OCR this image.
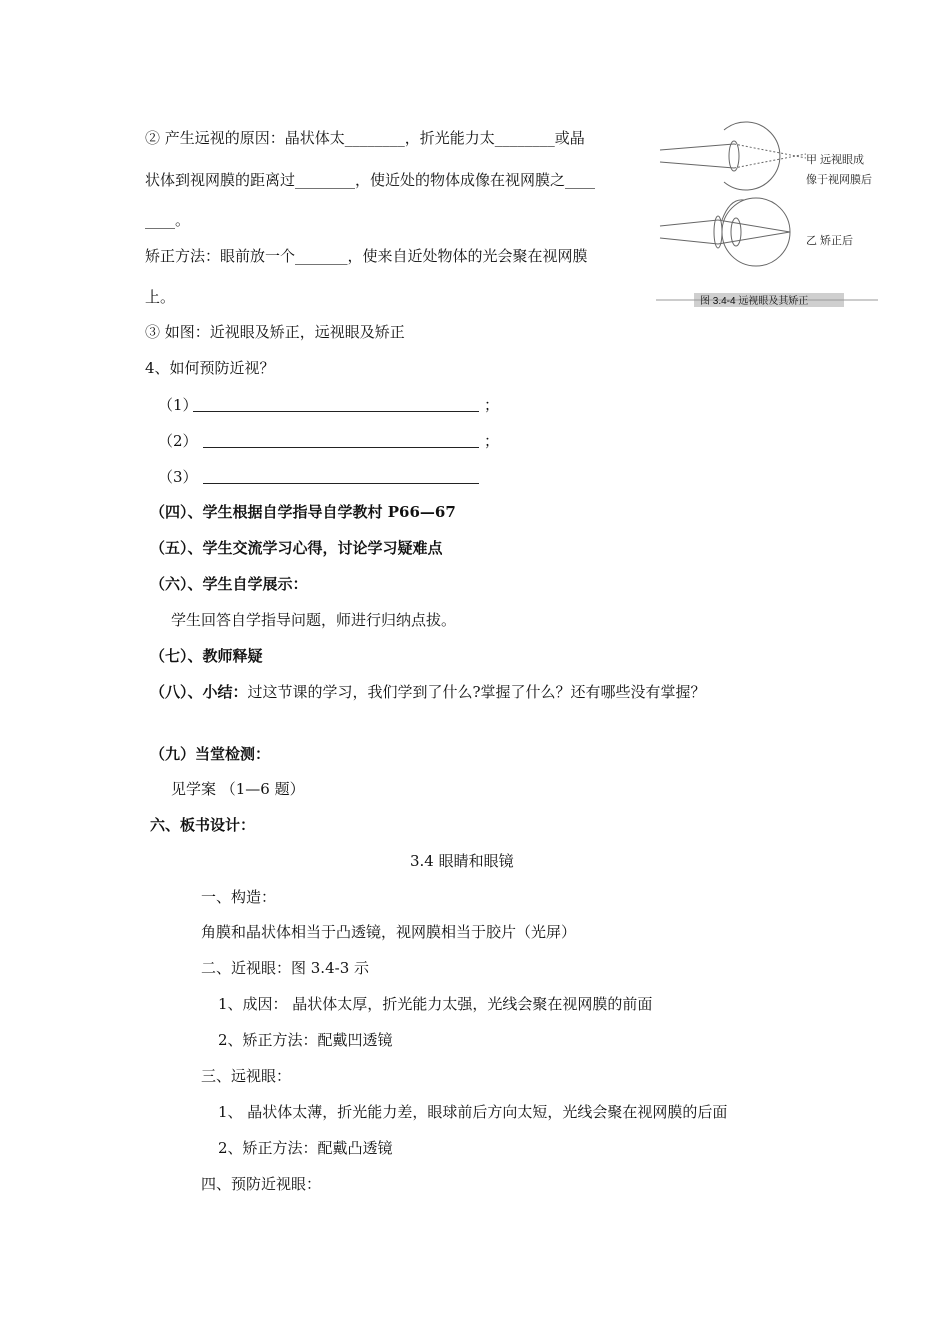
② 产生远视的原因：晶状体太________，折光能力太________或晶
状体到视网膜的距离过________，使近处的物体成像在视网膜之____
____。
矫正方法：眼前放一个_______，使来自近处物体的光会聚在视网膜
上。
③ 如图：近视眼及矫正，远视眼及矫正
4、如何预防近视？
（1）	；
（2）	；
（3）
（四）、学生根据自学指导自学教村 P66—67
（五）、学生交流学习心得，讨论学习疑难点
（六）、学生自学展示：
学生回答自学指导问题，师进行归纳点拔。
（七）、教师释疑
（八）、小结：过这节课的学习，我们学到了什么?掌握了什么？还有哪些没有掌握？
（九）当堂检测：
见学案 （1—6 题）
六、板书设计：
3.4 眼睛和眼镜
一、构造：
角膜和晶状体相当于凸透镜，视网膜相当于胶片（光屏）
二、近视眼：图 3.4-3 示
1、成因： 晶状体太厚，折光能力太强，光线会聚在视网膜的前面
2、矫正方法：配戴凹透镜
三、远视眼：
1、 晶状体太薄，折光能力差，眼球前后方向太短，光线会聚在视网膜的后面
2、矫正方法：配戴凸透镜
四、预防近视眼：
甲 远视眼成
像于视网膜后
乙 矫正后
图 3.4-4 远视眼及其矫正
